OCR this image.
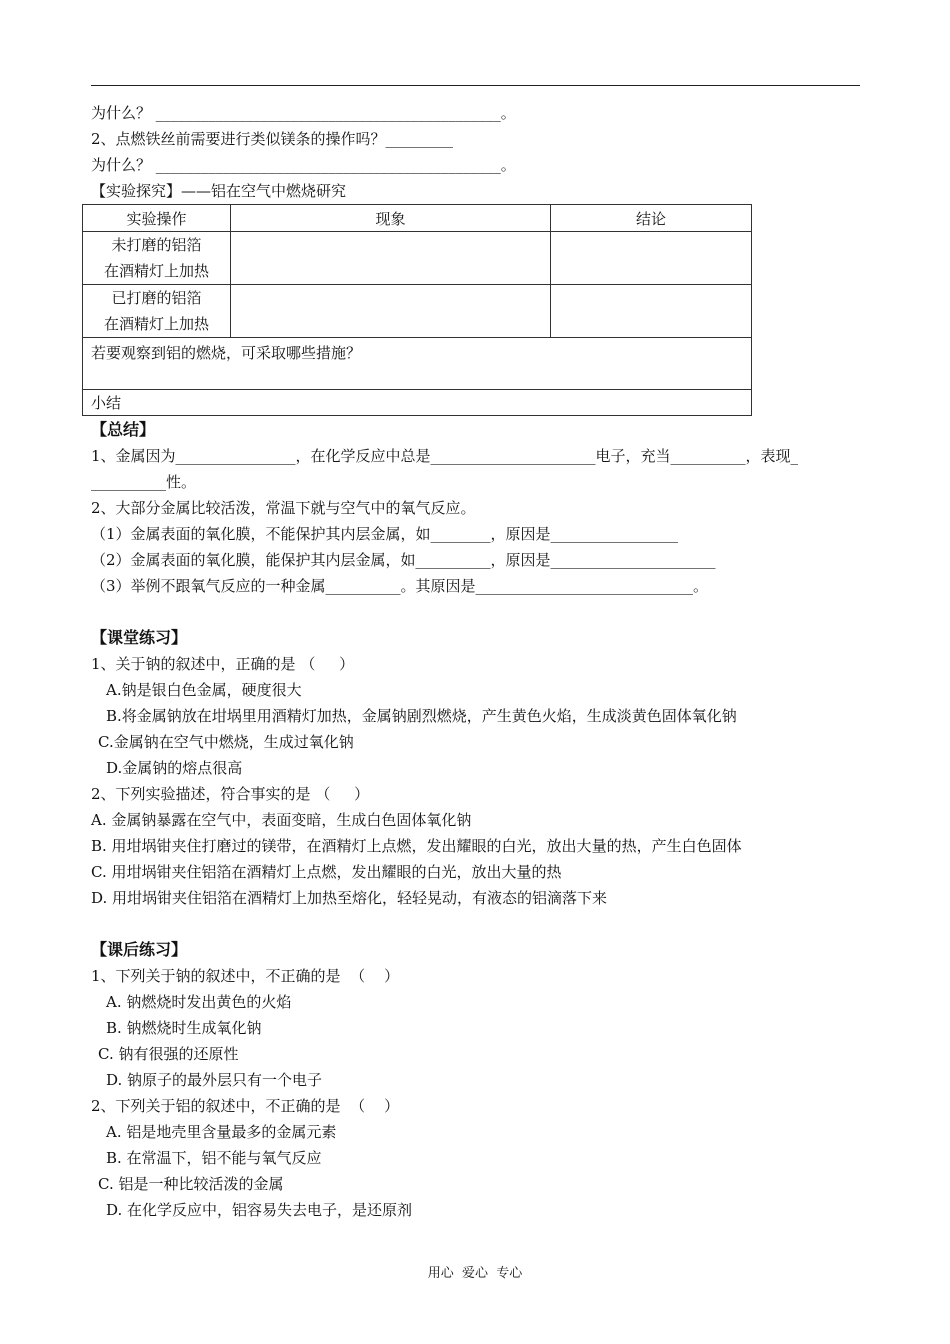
为什么？ ______________________________________________。
2、点燃铁丝前需要进行类似镁条的操作吗？_________
为什么？ ______________________________________________。
【实验探究】——铝在空气中燃烧研究
实验操作	现象	结论

未打磨的铝箔
在酒精灯上加热		

已打磨的铝箔
在酒精灯上加热		

若要观察到铝的燃烧，可采取哪些措施？		
小结		
【总结】
1、金属因为________________，在化学反应中总是______________________电子，充当__________，表现_
__________性。
2、大部分金属比较活泼，常温下就与空气中的氧气反应。
（1）金属表面的氧化膜，不能保护其内层金属，如________，原因是_________________
（2）金属表面的氧化膜，能保护其内层金属，如__________，原因是______________________
（3）举例不跟氧气反应的一种金属__________。其原因是_____________________________。
【课堂练习】
1、关于钠的叙述中，正确的是 （     ）
A.钠是银白色金属，硬度很大
B.将金属钠放在坩埚里用酒精灯加热，金属钠剧烈燃烧，产生黄色火焰，生成淡黄色固体氧化钠
C.金属钠在空气中燃烧，生成过氧化钠
D.金属钠的熔点很高
2、下列实验描述，符合事实的是 （     ）
A. 金属钠暴露在空气中，表面变暗，生成白色固体氧化钠
B. 用坩埚钳夹住打磨过的镁带，在酒精灯上点燃，发出耀眼的白光，放出大量的热，产生白色固体
C. 用坩埚钳夹住铝箔在酒精灯上点燃，发出耀眼的白光，放出大量的热
D. 用坩埚钳夹住铝箔在酒精灯上加热至熔化，轻轻晃动，有液态的铝滴落下来
【课后练习】
1、下列关于钠的叙述中，不正确的是  （    ）
A. 钠燃烧时发出黄色的火焰
B. 钠燃烧时生成氧化钠
C. 钠有很强的还原性
D. 钠原子的最外层只有一个电子
2、下列关于铝的叙述中，不正确的是  （    ）
A. 铝是地壳里含量最多的金属元素
B. 在常温下，铝不能与氧气反应
C. 铝是一种比较活泼的金属
D. 在化学反应中，铝容易失去电子，是还原剂
用心  爱心  专心
